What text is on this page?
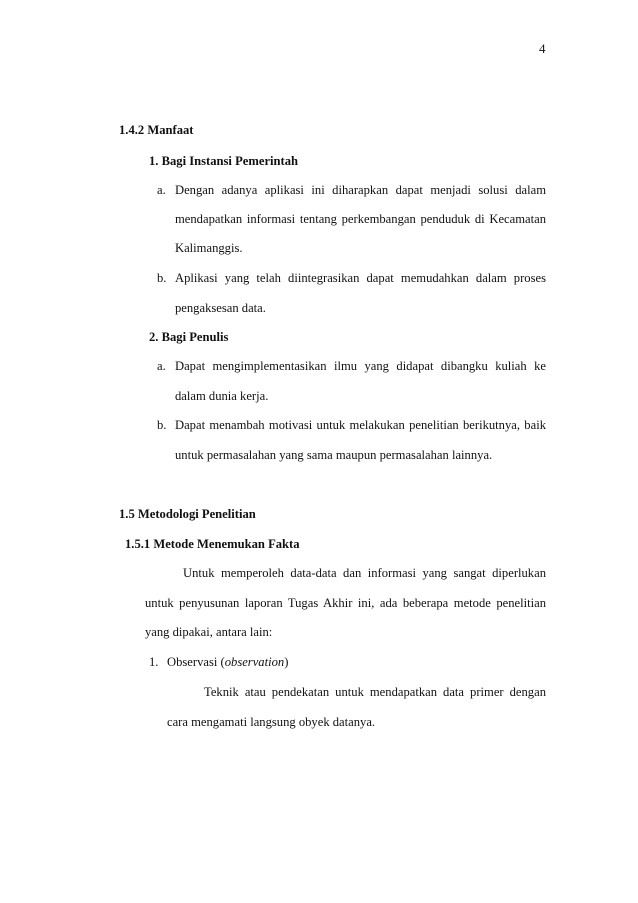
4
1.4.2 Manfaat
1. Bagi Instansi Pemerintah
a. Dengan adanya aplikasi ini diharapkan dapat menjadi solusi dalam
mendapatkan informasi tentang perkembangan penduduk di Kecamatan
Kalimanggis.
b. Aplikasi yang telah diintegrasikan dapat memudahkan dalam proses
pengaksesan data.
2. Bagi Penulis
a. Dapat mengimplementasikan ilmu yang didapat dibangku kuliah ke
dalam dunia kerja.
b. Dapat menambah motivasi untuk melakukan penelitian berikutnya, baik
untuk permasalahan yang sama maupun permasalahan lainnya.
1.5 Metodologi Penelitian
1.5.1 Metode Menemukan Fakta
Untuk memperoleh data-data dan informasi yang sangat diperlukan
untuk penyusunan laporan Tugas Akhir ini, ada beberapa metode penelitian
yang dipakai, antara lain:
1. Observasi (observation)
Teknik atau pendekatan untuk mendapatkan data primer dengan
cara mengamati langsung obyek datanya.
